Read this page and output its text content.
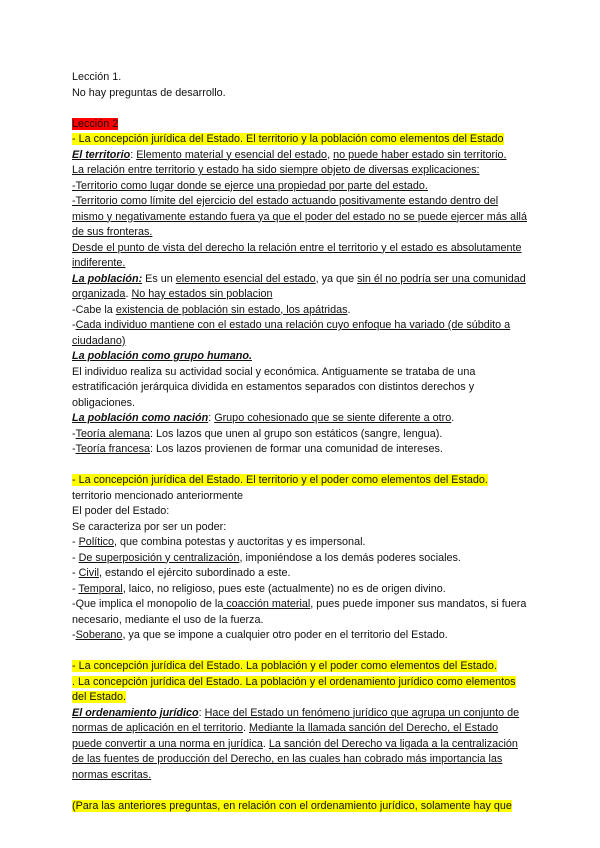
Lección 1.

No hay preguntas de desarrollo.

Lección 2

- La concepción jurídica del Estado. El territorio y la población como elementos del Estado

El territorio: Elemento material y esencial del estado, no puede haber estado sin territorio.

La relación entre territorio y estado ha sido siempre objeto de diversas explicaciones:

-Territorio como lugar donde se ejerce una propiedad por parte del estado.

-Territorio como límite del ejercicio del estado actuando positivamente estando dentro del mismo y negativamente estando fuera ya que el poder del estado no se puede ejercer más allá de sus fronteras.

Desde el punto de vista del derecho la relación entre el territorio y el estado es absolutamente indiferente.

La población: Es un elemento esencial del estado, ya que sin él no podría ser una comunidad organizada. No hay estados sin poblacion

-Cabe la existencia de población sin estado, los apátridas.

-Cada individuo mantiene con el estado una relación cuyo enfoque ha variado (de súbdito a ciudadano)

La población como grupo humano.

El individuo realiza su actividad social y económica. Antiguamente se trataba de una estratificación jerárquica dividida en estamentos separados con distintos derechos y obligaciones.

La población como nación: Grupo cohesionado que se siente diferente a otro.

-Teoría alemana: Los lazos que unen al grupo son estáticos (sangre, lengua).

-Teoría francesa: Los lazos provienen de formar una comunidad de intereses.

- La concepción jurídica del Estado. El territorio y el poder como elementos del Estado.

territorio mencionado anteriormente

El poder del Estado:

Se caracteriza por ser un poder:

- Político, que combina potestas y auctoritas y es impersonal.

- De superposición y centralización, imponiéndose a los demás poderes sociales.

- Civil, estando el ejército subordinado a este.

- Temporal, laico, no religioso, pues este (actualmente) no es de origen divino.

-Que implica el monopolio de la coacción material, pues puede imponer sus mandatos, si fuera necesario, mediante el uso de la fuerza.

-Soberano, ya que se impone a cualquier otro poder en el territorio del Estado.

- La concepción jurídica del Estado. La población y el poder como elementos del Estado.

. La concepción jurídica del Estado. La población y el ordenamiento jurídico como elementos del Estado.

El ordenamiento jurídico: Hace del Estado un fenómeno jurídico que agrupa un conjunto de normas de aplicación en el territorio. Mediante la llamada sanción del Derecho, el Estado puede convertir a una norma en jurídica. La sanción del Derecho va ligada a la centralización de las fuentes de producción del Derecho, en las cuales han cobrado más importancia las normas escritas.

(Para las anteriores preguntas, en relación con el ordenamiento jurídico, solamente hay que
